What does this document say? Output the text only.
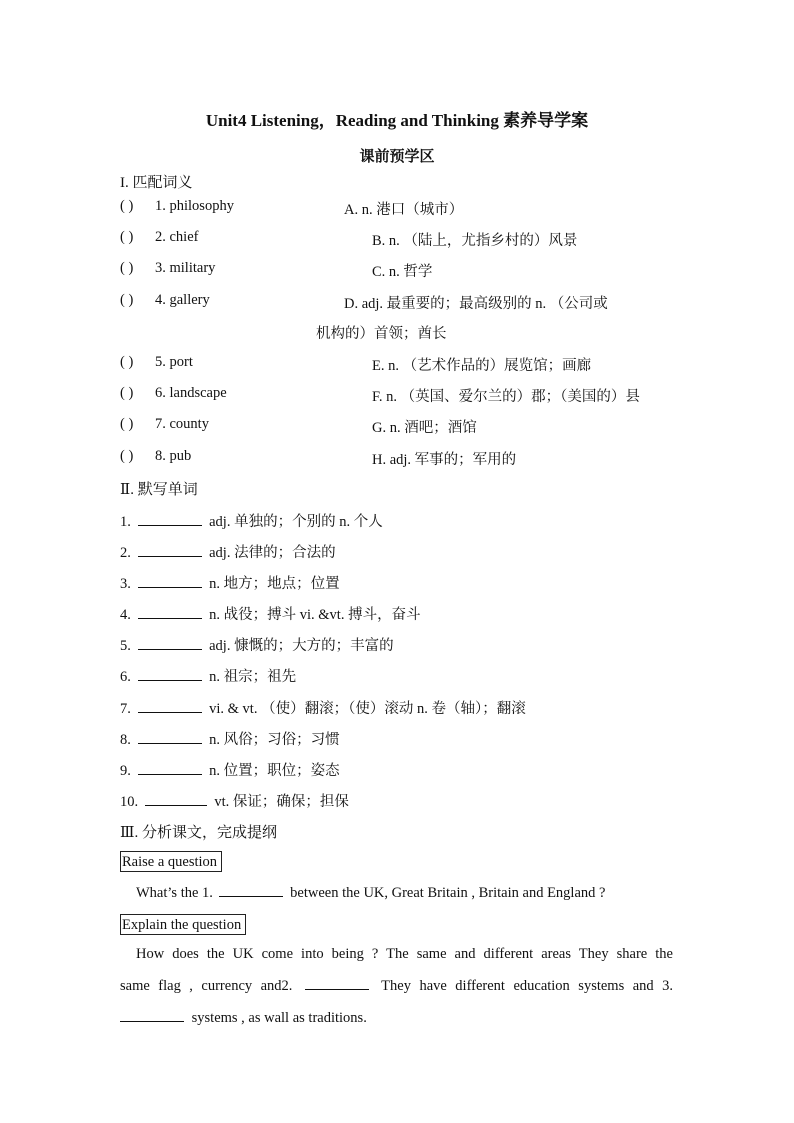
Unit4 Listening，Reading and Thinking 素养导学案
课前预学区
I. 匹配词义
( ) 1. philosophy	A. n. 港口（城市）
( ) 2. chief	B. n. （陆上，尤指乡村的）风景
( ) 3. military	C. n. 哲学
( ) 4. gallery	D. adj. 最重要的；最高级别的 n. （公司或
机构的）首领；酋长
( ) 5. port	E. n. （艺术作品的）展览馆；画廊
( ) 6. landscape	F. n. （英国、爱尔兰的）郡；（美国的）县
( ) 7. county	G. n. 酒吧；酒馆
( ) 8. pub	H. adj. 军事的；军用的
Ⅱ. 默写单词
1.	adj. 单独的；个别的 n. 个人
2.	adj. 法律的；合法的
3.	n. 地方；地点；位置
4.	n. 战役；搏斗 vi. &vt. 搏斗，奋斗
5.	adj. 慷慨的；大方的；丰富的
6.	n. 祖宗；祖先
7.	vi. & vt. （使）翻滚；（使）滚动 n. 卷（轴）；翻滚
8.	n. 风俗；习俗；习惯
9.	n. 位置；职位；姿态
10.	vt. 保证；确保；担保
Ⅲ. 分析课文，完成提纲
Raise a question
What’s the 1.	between the UK, Great Britain , Britain and England ?
Explain the question
How does the UK come into being ? The same and different areas They share the
same flag , currency and2.	They have different education systems and 3.
systems , as wall as traditions.
